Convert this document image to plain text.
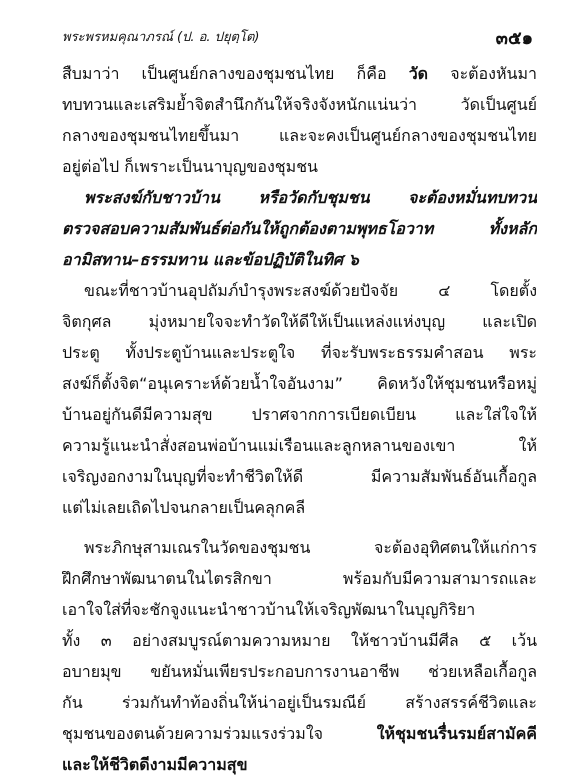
พระพรหมคุณาภรณ์ (ป. อ. ปยุตฺโต)	๓๕๑
สืบมาว่า เป็นศูนย์กลางของชุมชนไทย ก็คือ วัด จะต้องหันมา
ทบทวนและเสริมย้ำจิตสำนึกกันให้จริงจังหนักแน่นว่า วัดเป็นศูนย์
กลางของชุมชนไทยขึ้นมา และจะคงเป็นศูนย์กลางของชุมชนไทย
อยู่ต่อไป ก็เพราะเป็นนาบุญของชุมชน
พระสงฆ์กับชาวบ้าน หรือวัดกับชุมชน จะต้องหมั่นทบทวน
ตรวจสอบความสัมพันธ์ต่อกันให้ถูกต้องตามพุทธโอวาท ทั้งหลัก
อามิสทาน–ธรรมทาน และข้อปฏิบัติในทิศ ๖
ขณะที่ชาวบ้านอุปถัมภ์บำรุงพระสงฆ์ด้วยปัจจัย ๔ โดยตั้ง
จิตกุศล มุ่งหมายใจจะทำวัดให้ดีให้เป็นแหล่งแห่งบุญ และเปิด
ประตู ทั้งประตูบ้านและประตูใจ ที่จะรับพระธรรมคำสอน พระ
สงฆ์ก็ตั้งจิต“อนุเคราะห์ด้วยน้ำใจอันงาม” คิดหวังให้ชุมชนหรือหมู่
บ้านอยู่กันดีมีความสุข ปราศจากการเบียดเบียน และใส่ใจให้
ความรู้แนะนำสั่งสอนพ่อบ้านแม่เรือนและลูกหลานของเขา ให้
เจริญงอกงามในบุญที่จะทำชีวิตให้ดี มีความสัมพันธ์อันเกื้อกูล
แต่ไม่เลยเถิดไปจนกลายเป็นคลุกคลี
พระภิกษุสามเณรในวัดของชุมชน จะต้องอุทิศตนให้แก่การ
ฝึกศึกษาพัฒนาตนในไตรสิกขา พร้อมกับมีความสามารถและ
เอาใจใส่ที่จะชักจูงแนะนำชาวบ้านให้เจริญพัฒนาในบุญกิริยา
ทั้ง ๓ อย่างสมบูรณ์ตามความหมาย ให้ชาวบ้านมีศีล ๕ เว้น
อบายมุข ขยันหมั่นเพียรประกอบการงานอาชีพ ช่วยเหลือเกื้อกูล
กัน ร่วมกันทำท้องถิ่นให้น่าอยู่เป็นรมณีย์ สร้างสรรค์ชีวิตและ
ชุมชนของตนด้วยความร่วมแรงร่วมใจ ให้ชุมชนรื่นรมย์สามัคคี
และให้ชีวิตดีงามมีความสุข
